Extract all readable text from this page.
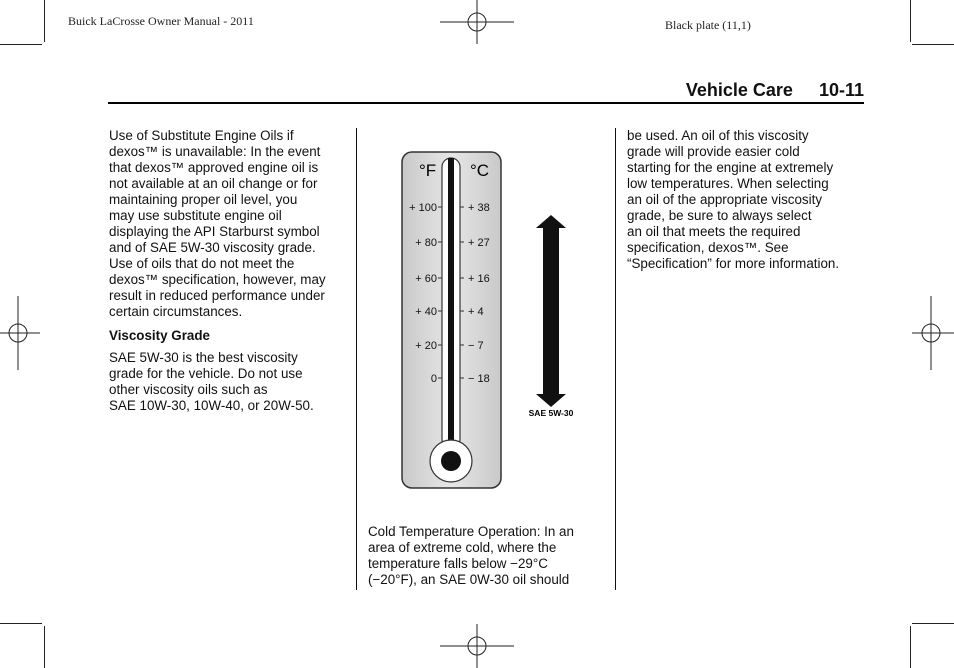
Buick LaCrosse Owner Manual - 2011	Black plate (11,1)
Vehicle Care 10-11

Use of Substitute Engine Oils if
dexos™ is unavailable: In the event
that dexos™ approved engine oil is
not available at an oil change or for
maintaining proper oil level, you
may use substitute engine oil
displaying the API Starburst symbol
and of SAE 5W-30 viscosity grade.
Use of oils that do not meet the
dexos™ specification, however, may
result in reduced performance under
certain circumstances.

Viscosity Grade

SAE 5W-30 is the best viscosity
grade for the vehicle. Do not use
other viscosity oils such as
SAE 10W-30, 10W-40, or 20W-50.

°F °C
+ 100
+ 80
+ 60
+ 40
+ 20
0
+ 38
+ 27
+ 16
+ 4
− 7
− 18
SAE 5W-30

Cold Temperature Operation: In an
area of extreme cold, where the
temperature falls below −29°C
(−20°F), an SAE 0W-30 oil should

be used. An oil of this viscosity
grade will provide easier cold
starting for the engine at extremely
low temperatures. When selecting
an oil of the appropriate viscosity
grade, be sure to always select
an oil that meets the required
specification, dexos™. See
“Specification” for more information.
